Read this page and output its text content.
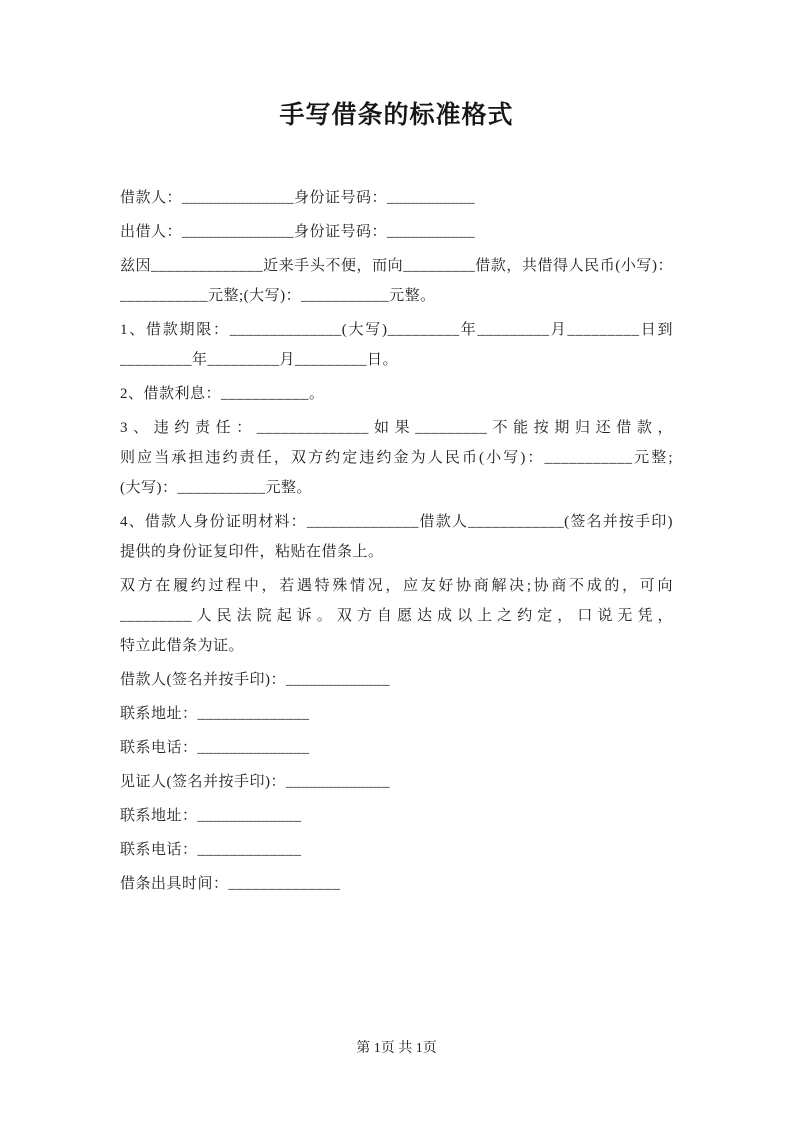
手写借条的标准格式

借款人：______________身份证号码：___________

出借人：______________身份证号码：___________

兹因______________近来手头不便，而向_________借款，共借得人民币(小写)：___________元整;(大写)：___________元整。

1、借款期限：______________(大写)_________年_________月_________日到_________年_________月_________日。

2、借款利息：___________。

3、违约责任：______________如果_________不能按期归还借款，则应当承担违约责任，双方约定违约金为人民币(小写)：___________元整;(大写)：___________元整。

4、借款人身份证明材料：______________借款人____________(签名并按手印)提供的身份证复印件，粘贴在借条上。

双方在履约过程中，若遇特殊情况，应友好协商解决;协商不成的，可向_________人民法院起诉。双方自愿达成以上之约定，口说无凭，特立此借条为证。

借款人(签名并按手印)：_____________

联系地址：______________

联系电话：______________

见证人(签名并按手印)：_____________

联系地址：_____________

联系电话：_____________

借条出具时间：______________

第 1页 共 1页
